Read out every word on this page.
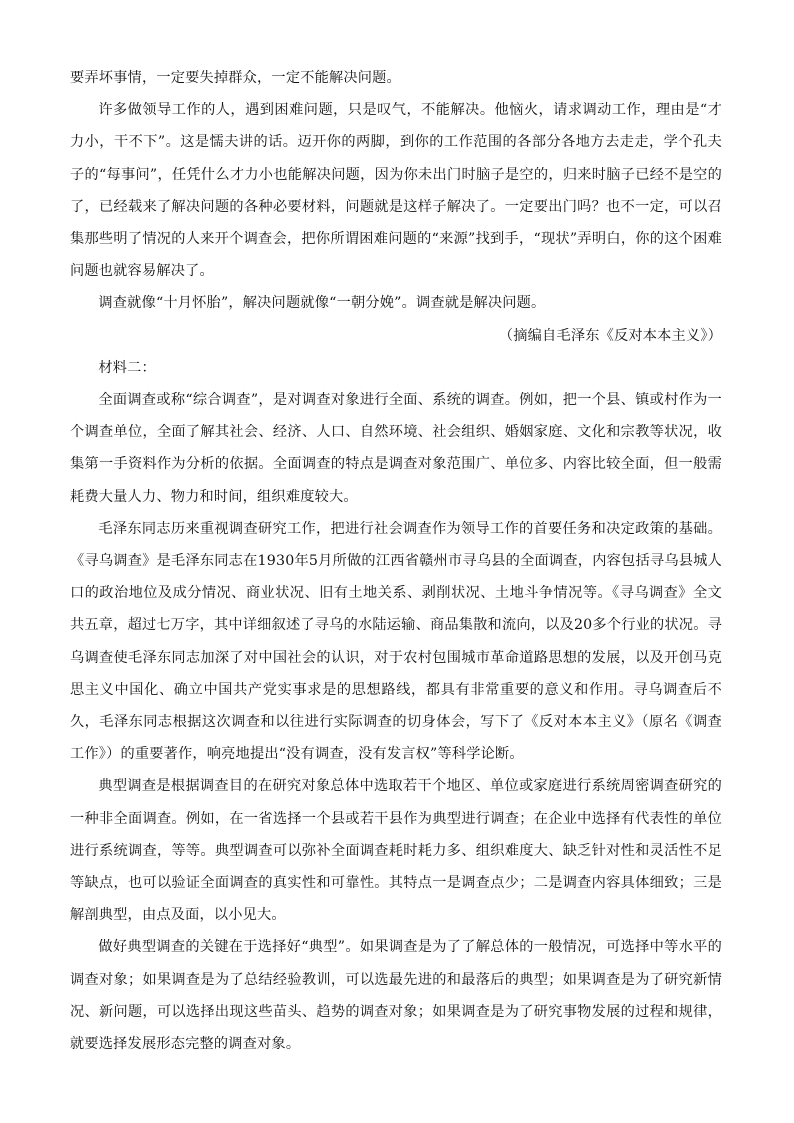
要弄坏事情，一定要失掉群众，一定不能解决问题。

许多做领导工作的人，遇到困难问题，只是叹气，不能解决。他恼火，请求调动工作，理由是“才力小，干不下”。这是懦夫讲的话。迈开你的两脚，到你的工作范围的各部分各地方去走走，学个孔夫子的“每事问”，任凭什么才力小也能解决问题，因为你未出门时脑子是空的，归来时脑子已经不是空的了，已经载来了解决问题的各种必要材料，问题就是这样子解决了。一定要出门吗？也不一定，可以召集那些明了情况的人来开个调查会，把你所谓困难问题的“来源”找到手，“现状”弄明白，你的这个困难问题也就容易解决了。

调查就像“十月怀胎”，解决问题就像“一朝分娩”。调查就是解决问题。

（摘编自毛泽东《反对本本主义》）

材料二：

全面调查或称“综合调查”，是对调查对象进行全面、系统的调查。例如，把一个县、镇或村作为一个调查单位，全面了解其社会、经济、人口、自然环境、社会组织、婚姻家庭、文化和宗教等状况，收集第一手资料作为分析的依据。全面调查的特点是调查对象范围广、单位多、内容比较全面，但一般需耗费大量人力、物力和时间，组织难度较大。

毛泽东同志历来重视调查研究工作，把进行社会调查作为领导工作的首要任务和决定政策的基础。《寻乌调查》是毛泽东同志在1930年5月所做的江西省赣州市寻乌县的全面调查，内容包括寻乌县城人口的政治地位及成分情况、商业状况、旧有土地关系、剥削状况、土地斗争情况等。《寻乌调查》全文共五章，超过七万字，其中详细叙述了寻乌的水陆运输、商品集散和流向，以及20多个行业的状况。寻乌调查使毛泽东同志加深了对中国社会的认识，对于农村包围城市革命道路思想的发展，以及开创马克思主义中国化、确立中国共产党实事求是的思想路线，都具有非常重要的意义和作用。寻乌调查后不久，毛泽东同志根据这次调查和以往进行实际调查的切身体会，写下了《反对本本主义》（原名《调查工作》）的重要著作，响亮地提出“没有调查，没有发言权”等科学论断。

典型调查是根据调查目的在研究对象总体中选取若干个地区、单位或家庭进行系统周密调查研究的一种非全面调查。例如，在一省选择一个县或若干县作为典型进行调查；在企业中选择有代表性的单位进行系统调查，等等。典型调查可以弥补全面调查耗时耗力多、组织难度大、缺乏针对性和灵活性不足等缺点，也可以验证全面调查的真实性和可靠性。其特点一是调查点少；二是调查内容具体细致；三是解剖典型，由点及面，以小见大。

做好典型调查的关键在于选择好“典型”。如果调查是为了了解总体的一般情况，可选择中等水平的调查对象；如果调查是为了总结经验教训，可以选最先进的和最落后的典型；如果调查是为了研究新情况、新问题，可以选择出现这些苗头、趋势的调查对象；如果调查是为了研究事物发展的过程和规律，就要选择发展形态完整的调查对象。
